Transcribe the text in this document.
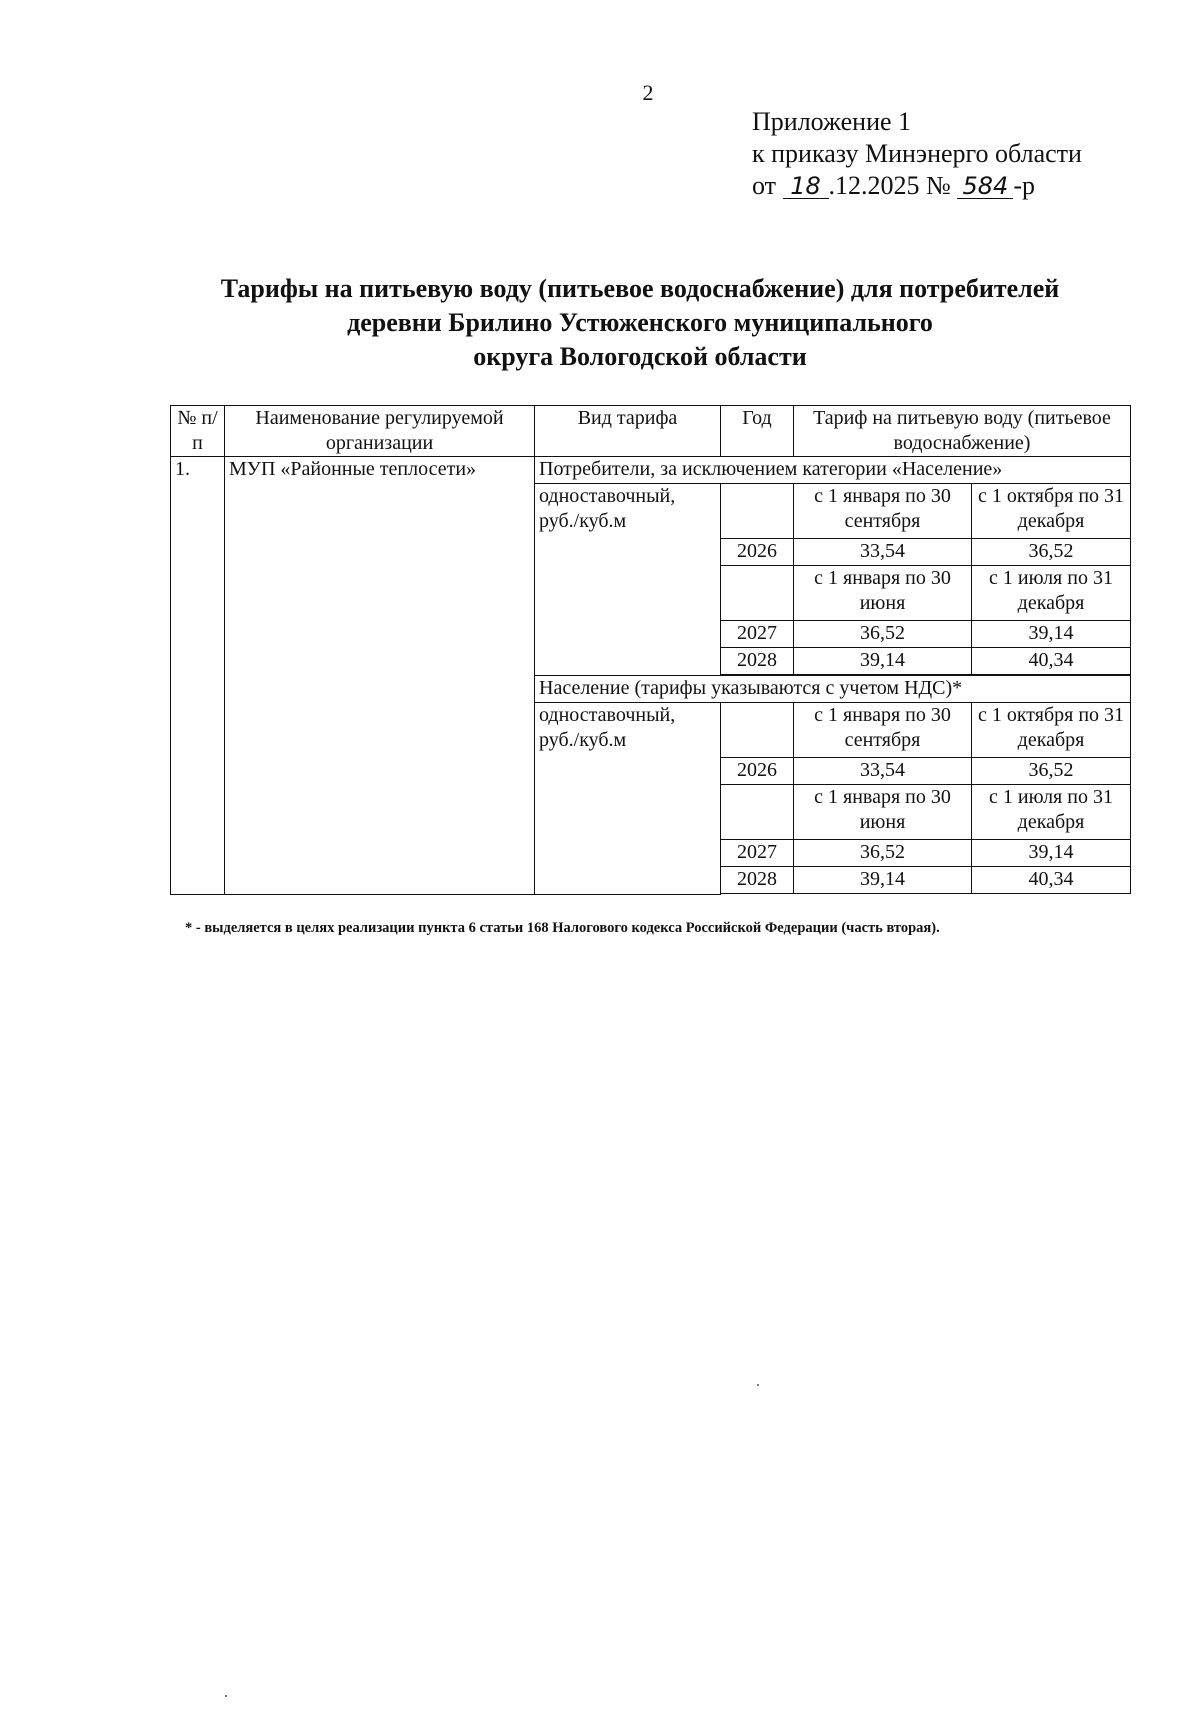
2
Приложение 1
к приказу Минэнерго области
от 18 .12.2025 № 584 -р
Тарифы на питьевую воду (питьевое водоснабжение) для потребителей
деревни Брилино Устюженского муниципального
округа Вологодской области
№ п/п	Наименование регулируемой организации	Вид тарифа	Год	Тариф на питьевую воду (питьевое водоснабжение)	
1.	МУП «Районные теплосети»	Потребители, за исключением категории «Население»			
		одноставочный, руб./куб.м		с 1 января по 30 сентября	с 1 октября по 31 декабря
			2026	33,54	36,52
				с 1 января по 30 июня	с 1 июля по 31 декабря
			2027	36,52	39,14
			2028	39,14	40,34

		Население (тарифы указываются с учетом НДС)*			
		одноставочный, руб./куб.м		с 1 января по 30 сентября	с 1 октября по 31 декабря
			2026	33,54	36,52
				с 1 января по 30 июня	с 1 июля по 31 декабря
			2027	36,52	39,14
			2028	39,14	40,34

* - выделяется в целях реализации пункта 6 статьи 168 Налогового кодекса Российской Федерации (часть вторая).
